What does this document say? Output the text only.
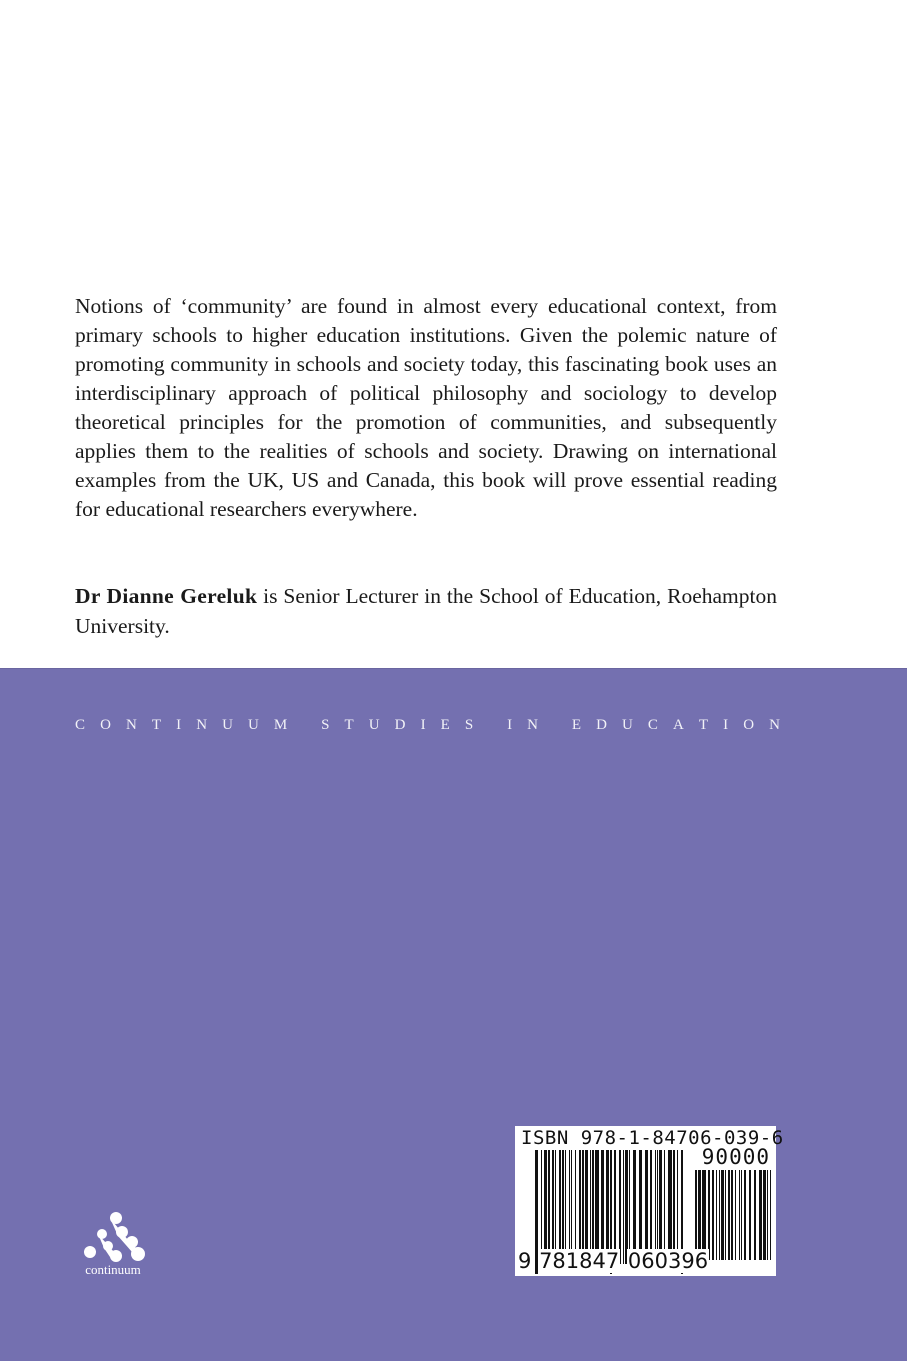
Notions of ‘community’ are found in almost every educational context, from primary schools to higher education institutions. Given the polemic nature of promoting community in schools and society today, this fascinating book uses an interdisciplinary approach of political philosophy and sociology to develop theoretical principles for the promotion of communities, and subsequently applies them to the realities of schools and society. Drawing on international examples from the UK, US and Canada, this book will prove essential reading for educational researchers everywhere.

Dr Dianne Gereluk is Senior Lecturer in the School of Education, Roehampton University.

C O N T I N U U M
S T U D I E S
I N
E D U C A T I O N
continuum
ISBN 978-1-84706-039-6
90000
9 781847 060396
